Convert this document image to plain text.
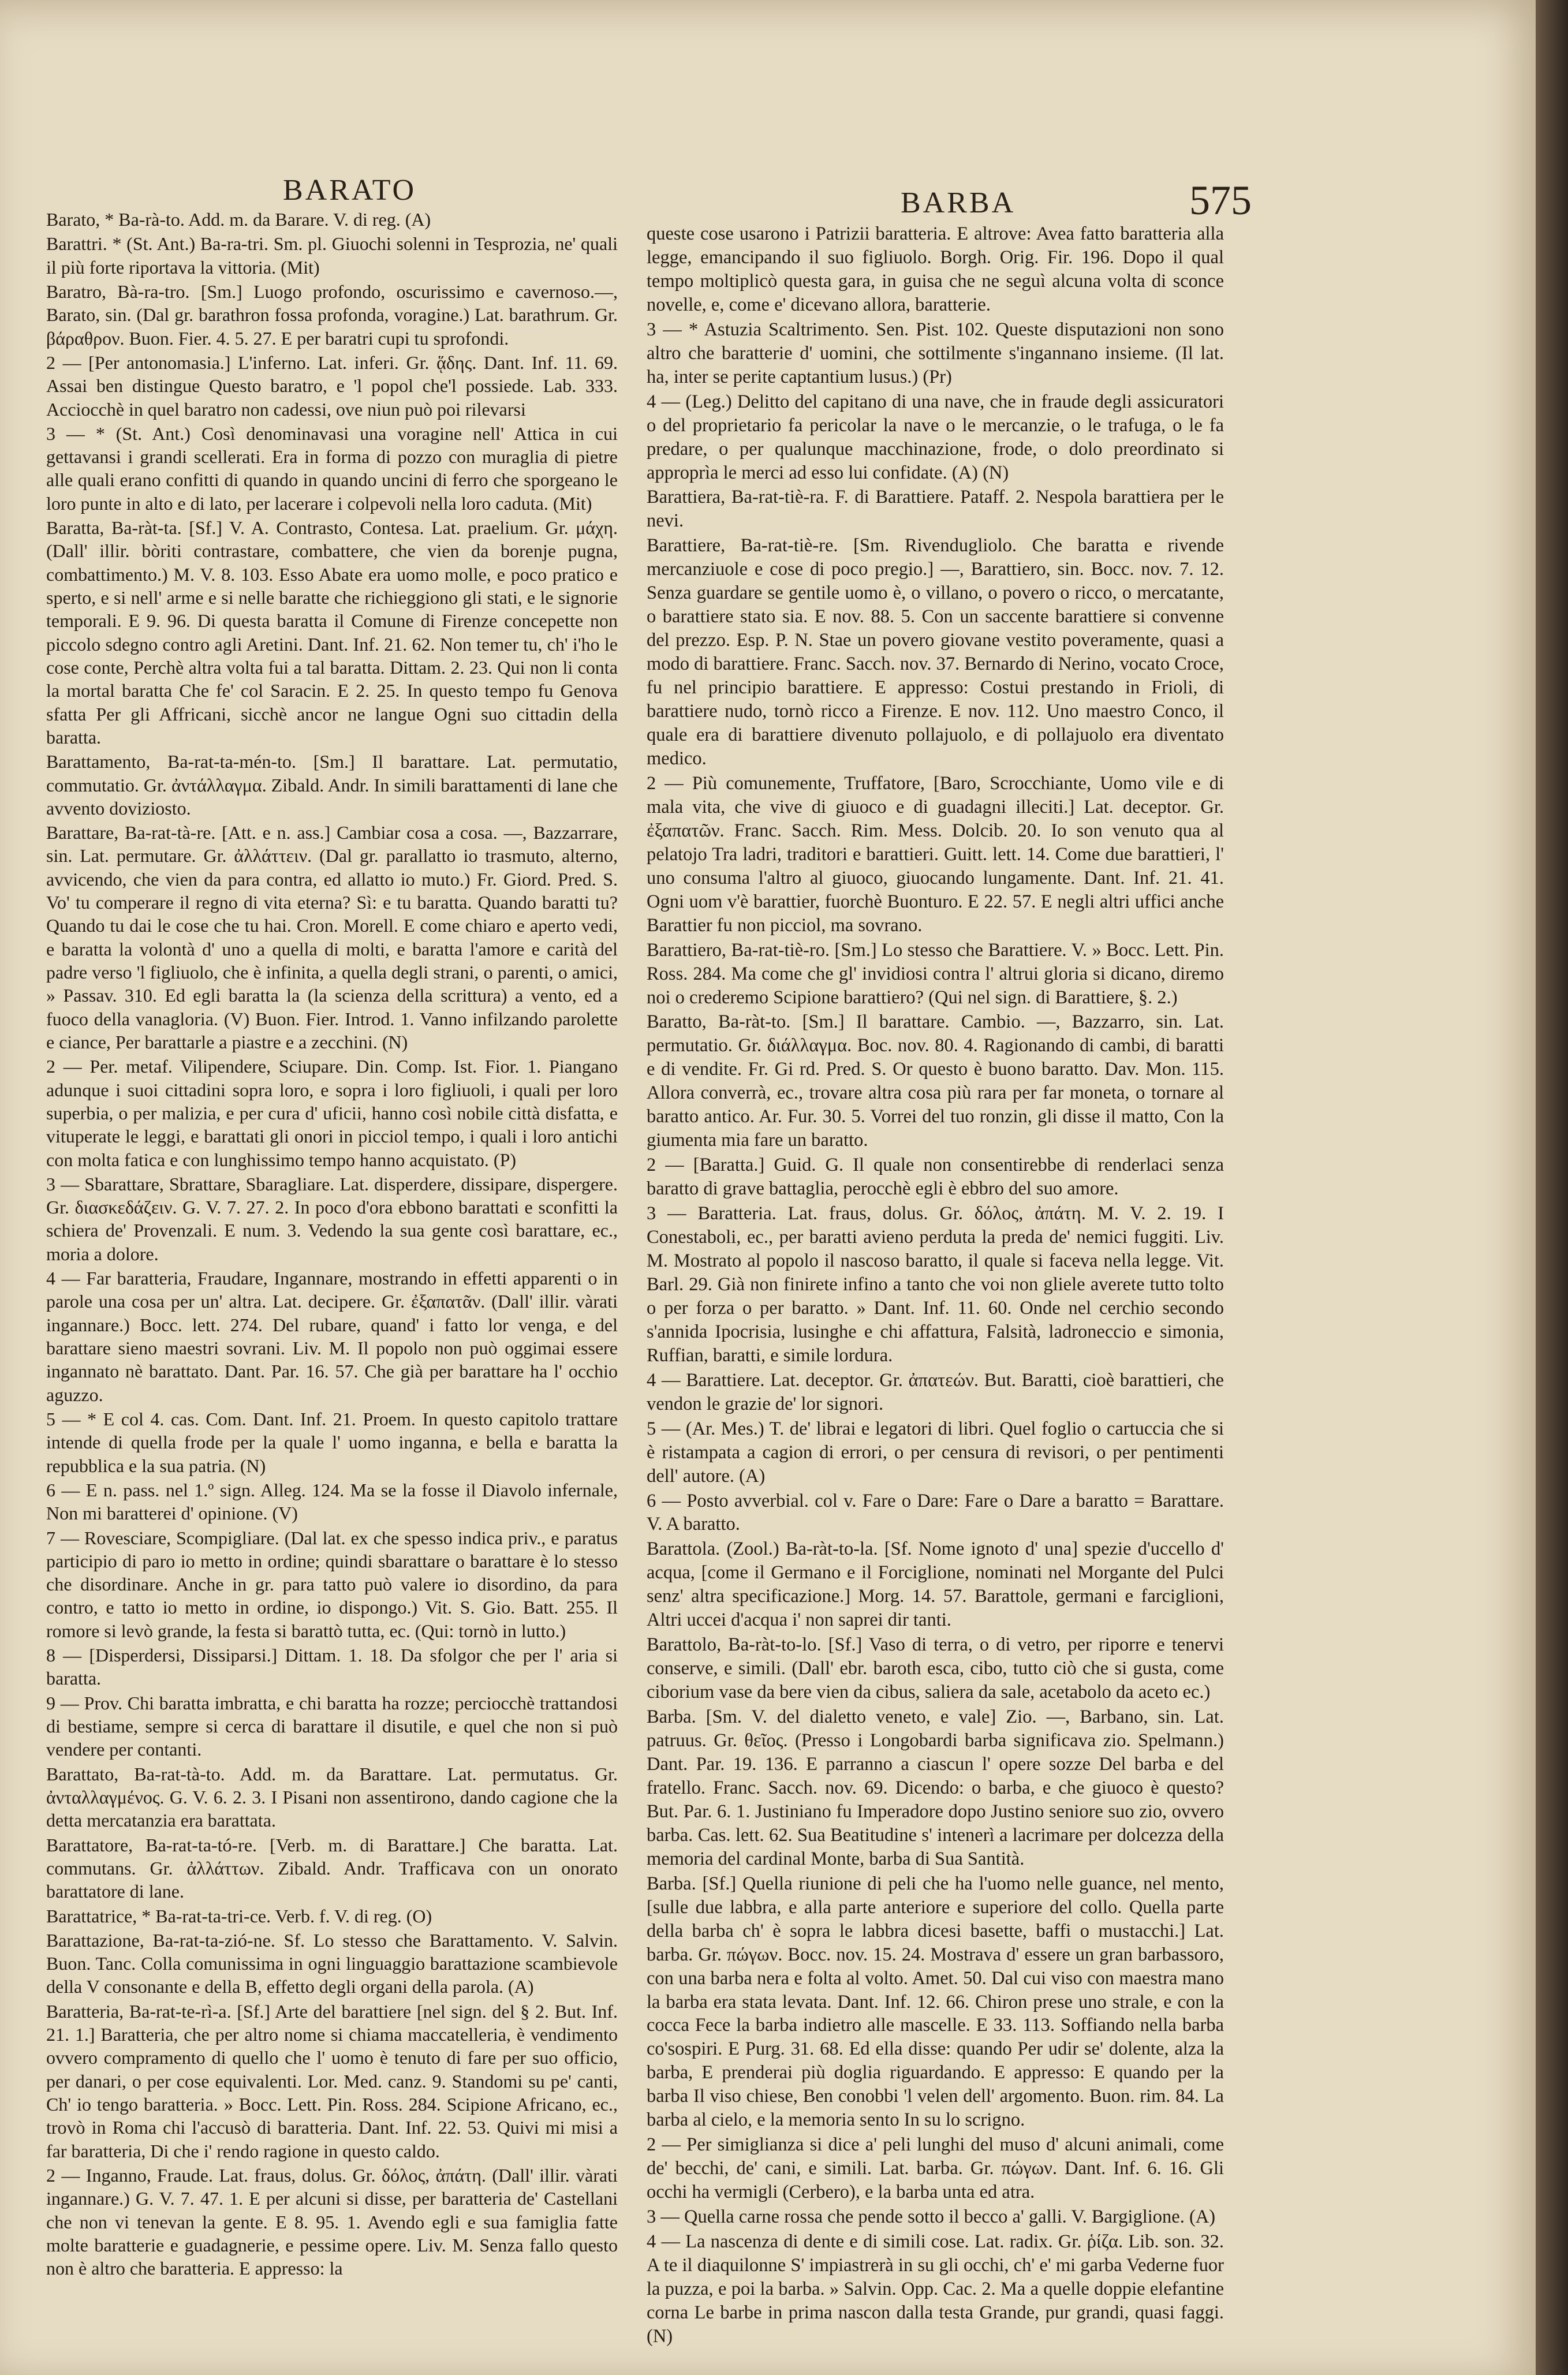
BARATO	BARBA	575

Barato, * Ba-rà-to. Add. m. da Barare. V. di reg. (A)

Barattri. * (St. Ant.) Ba-ra-tri. Sm. pl. Giuochi solenni in Tesprozia, ne' quali il più forte riportava la vittoria. (Mit)

Baratro, Bà-ra-tro. [Sm.] Luogo profondo, oscurissimo e cavernoso.—, Barato, sin. (Dal gr. barathron fossa profonda, voragine.) Lat. barathrum. Gr. βάραθρον. Buon. Fier. 4. 5. 27. E per baratri cupi tu sprofondi.

2 — [Per antonomasia.] L'inferno. Lat. inferi. Gr. ᾅδης. Dant. Inf. 11. 69. Assai ben distingue Questo baratro, e 'l popol che'l possiede. Lab. 333. Acciocchè in quel baratro non cadessi, ove niun può poi rilevarsi

3 — * (St. Ant.) Così denominavasi una voragine nell' Attica in cui gettavansi i grandi scellerati. Era in forma di pozzo con muraglia di pietre alle quali erano confitti di quando in quando uncini di ferro che sporgeano le loro punte in alto e di lato, per lacerare i colpevoli nella loro caduta. (Mit)

Baratta, Ba-ràt-ta. [Sf.] V. A. Contrasto, Contesa. Lat. praelium. Gr. μάχη. (Dall' illir. bòriti contrastare, combattere, che vien da borenje pugna, combattimento.) M. V. 8. 103. Esso Abate era uomo molle, e poco pratico e sperto, e si nell' arme e si nelle baratte che richieggiono gli stati, e le signorie temporali. E 9. 96. Di questa baratta il Comune di Firenze concepette non piccolo sdegno contro agli Aretini. Dant. Inf. 21. 62. Non temer tu, ch' i'ho le cose conte, Perchè altra volta fui a tal baratta. Dittam. 2. 23. Qui non li conta la mortal baratta Che fe' col Saracin. E 2. 25. In questo tempo fu Genova sfatta Per gli Affricani, sicchè ancor ne langue Ogni suo cittadin della baratta.

Barattamento, Ba-rat-ta-mén-to. [Sm.] Il barattare. Lat. permutatio, commutatio. Gr. ἀντάλλαγμα. Zibald. Andr. In simili barattamenti di lane che avvento doviziosto.

Barattare, Ba-rat-tà-re. [Att. e n. ass.] Cambiar cosa a cosa. —, Bazzarrare, sin. Lat. permutare. Gr. ἀλλάττειν. (Dal gr. parallatto io trasmuto, alterno, avvicendo, che vien da para contra, ed allatto io muto.) Fr. Giord. Pred. S. Vo' tu comperare il regno di vita eterna? Sì: e tu baratta. Quando baratti tu? Quando tu dai le cose che tu hai. Cron. Morell. E come chiaro e aperto vedi, e baratta la volontà d' uno a quella di molti, e baratta l'amore e carità del padre verso 'l figliuolo, che è infinita, a quella degli strani, o parenti, o amici, » Passav. 310. Ed egli baratta la (la scienza della scrittura) a vento, ed a fuoco della vanagloria. (V) Buon. Fier. Introd. 1. Vanno infilzando parolette e ciance, Per barattarle a piastre e a zecchini. (N)

2 — Per. metaf. Vilipendere, Sciupare. Din. Comp. Ist. Fior. 1. Piangano adunque i suoi cittadini sopra loro, e sopra i loro figliuoli, i quali per loro superbia, o per malizia, e per cura d' uficii, hanno così nobile città disfatta, e vituperate le leggi, e barattati gli onori in picciol tempo, i quali i loro antichi con molta fatica e con lunghissimo tempo hanno acquistato. (P)

3 — Sbarattare, Sbrattare, Sbaragliare. Lat. disperdere, dissipare, dispergere. Gr. διασκεδάζειν. G. V. 7. 27. 2. In poco d'ora ebbono barattati e sconfitti la schiera de' Provenzali. E num. 3. Vedendo la sua gente così barattare, ec., moria a dolore.

4 — Far baratteria, Fraudare, Ingannare, mostrando in effetti apparenti o in parole una cosa per un' altra. Lat. decipere. Gr. ἐξαπατᾶν. (Dall' illir. vàrati ingannare.) Bocc. lett. 274. Del rubare, quand' i fatto lor venga, e del barattare sieno maestri sovrani. Liv. M. Il popolo non può oggimai essere ingannato nè barattato. Dant. Par. 16. 57. Che già per barattare ha l' occhio aguzzo.

5 — * E col 4. cas. Com. Dant. Inf. 21. Proem. In questo capitolo trattare intende di quella frode per la quale l' uomo inganna, e bella e baratta la repubblica e la sua patria. (N)

6 — E n. pass. nel 1.º sign. Alleg. 124. Ma se la fosse il Diavolo infernale, Non mi baratterei d' opinione. (V)

7 — Rovesciare, Scompigliare. (Dal lat. ex che spesso indica priv., e paratus participio di paro io metto in ordine; quindi sbarattare o barattare è lo stesso che disordinare. Anche in gr. para tatto può valere io disordino, da para contro, e tatto io metto in ordine, io dispongo.) Vit. S. Gio. Batt. 255. Il romore si levò grande, la festa si barattò tutta, ec. (Qui: tornò in lutto.)

8 — [Disperdersi, Dissiparsi.] Dittam. 1. 18. Da sfolgor che per l' aria si baratta.

9 — Prov. Chi baratta imbratta, e chi baratta ha rozze; perciocchè trattandosi di bestiame, sempre si cerca di barattare il disutile, e quel che non si può vendere per contanti.

Barattato, Ba-rat-tà-to. Add. m. da Barattare. Lat. permutatus. Gr. ἀνταλλαγμένος. G. V. 6. 2. 3. I Pisani non assentirono, dando cagione che la detta mercatanzia era barattata.

Barattatore, Ba-rat-ta-tó-re. [Verb. m. di Barattare.] Che baratta. Lat. commutans. Gr. ἀλλάττων. Zibald. Andr. Trafficava con un onorato barattatore di lane.

Barattatrice, * Ba-rat-ta-tri-ce. Verb. f. V. di reg. (O)

Barattazione, Ba-rat-ta-zió-ne. Sf. Lo stesso che Barattamento. V. Salvin. Buon. Tanc. Colla comunissima in ogni linguaggio barattazione scambievole della V consonante e della B, effetto degli organi della parola. (A)

Baratteria, Ba-rat-te-rì-a. [Sf.] Arte del barattiere [nel sign. del § 2. But. Inf. 21. 1.] Baratteria, che per altro nome si chiama maccatelleria, è vendimento ovvero compramento di quello che l' uomo è tenuto di fare per suo officio, per danari, o per cose equivalenti. Lor. Med. canz. 9. Standomi su pe' canti, Ch' io tengo baratteria. » Bocc. Lett. Pin. Ross. 284. Scipione Africano, ec., trovò in Roma chi l'accusò di baratteria. Dant. Inf. 22. 53. Quivi mi misi a far baratteria, Di che i' rendo ragione in questo caldo.

2 — Inganno, Fraude. Lat. fraus, dolus. Gr. δόλος, ἀπάτη. (Dall' illir. vàrati ingannare.) G. V. 7. 47. 1. E per alcuni si disse, per baratteria de' Castellani che non vi tenevan la gente. E 8. 95. 1. Avendo egli e sua famiglia fatte molte baratterie e guadagnerie, e pessime opere. Liv. M. Senza fallo questo non è altro che baratteria. E appresso: la

queste cose usarono i Patrizii baratteria. E altrove: Avea fatto baratteria alla legge, emancipando il suo figliuolo. Borgh. Orig. Fir. 196. Dopo il qual tempo moltiplicò questa gara, in guisa che ne seguì alcuna volta di sconce novelle, e, come e' dicevano allora, baratterie.

3 — * Astuzia Scaltrimento. Sen. Pist. 102. Queste disputazioni non sono altro che baratterie d' uomini, che sottilmente s'ingannano insieme. (Il lat. ha, inter se perite captantium lusus.) (Pr)

4 — (Leg.) Delitto del capitano di una nave, che in fraude degli assicuratori o del proprietario fa pericolar la nave o le mercanzie, o le trafuga, o le fa predare, o per qualunque macchinazione, frode, o dolo preordinato si approprìa le merci ad esso lui confidate. (A) (N)

Barattiera, Ba-rat-tiè-ra. F. di Barattiere. Pataff. 2. Nespola barattiera per le nevi.

Barattiere, Ba-rat-tiè-re. [Sm. Rivendugliolo. Che baratta e rivende mercanziuole e cose di poco pregio.] —, Barattiero, sin. Bocc. nov. 7. 12. Senza guardare se gentile uomo è, o villano, o povero o ricco, o mercatante, o barattiere stato sia. E nov. 88. 5. Con un saccente barattiere si convenne del prezzo. Esp. P. N. Stae un povero giovane vestito poveramente, quasi a modo di barattiere. Franc. Sacch. nov. 37. Bernardo di Nerino, vocato Croce, fu nel principio barattiere. E appresso: Costui prestando in Frioli, di barattiere nudo, tornò ricco a Firenze. E nov. 112. Uno maestro Conco, il quale era di barattiere divenuto pollajuolo, e di pollajuolo era diventato medico.

2 — Più comunemente, Truffatore, [Baro, Scrocchiante, Uomo vile e di mala vita, che vive di giuoco e di guadagni illeciti.] Lat. deceptor. Gr. ἐξαπατῶν. Franc. Sacch. Rim. Mess. Dolcib. 20. Io son venuto qua al pelatojo Tra ladri, traditori e barattieri. Guitt. lett. 14. Come due barattieri, l' uno consuma l'altro al giuoco, giuocando lungamente. Dant. Inf. 21. 41. Ogni uom v'è barattier, fuorchè Buonturo. E 22. 57. E negli altri uffici anche Barattier fu non picciol, ma sovrano.

Barattiero, Ba-rat-tiè-ro. [Sm.] Lo stesso che Barattiere. V. » Bocc. Lett. Pin. Ross. 284. Ma come che gl' invidiosi contra l' altrui gloria si dicano, diremo noi o crederemo Scipione barattiero? (Qui nel sign. di Barattiere, §. 2.)

Baratto, Ba-ràt-to. [Sm.] Il barattare. Cambio. —, Bazzarro, sin. Lat. permutatio. Gr. διάλλαγμα. Boc. nov. 80. 4. Ragionando di cambi, di baratti e di vendite. Fr. Gi rd. Pred. S. Or questo è buono baratto. Dav. Mon. 115. Allora converrà, ec., trovare altra cosa più rara per far moneta, o tornare al baratto antico. Ar. Fur. 30. 5. Vorrei del tuo ronzin, gli disse il matto, Con la giumenta mia fare un baratto.

2 — [Baratta.] Guid. G. Il quale non consentirebbe di renderlaci senza baratto di grave battaglia, perocchè egli è ebbro del suo amore.

3 — Baratteria. Lat. fraus, dolus. Gr. δόλος, ἀπάτη. M. V. 2. 19. I Conestaboli, ec., per baratti avieno perduta la preda de' nemici fuggiti. Liv. M. Mostrato al popolo il nascoso baratto, il quale si faceva nella legge. Vit. Barl. 29. Già non finirete infino a tanto che voi non gliele averete tutto tolto o per forza o per baratto. » Dant. Inf. 11. 60. Onde nel cerchio secondo s'annida Ipocrisia, lusinghe e chi affattura, Falsità, ladroneccio e simonia, Ruffian, baratti, e simile lordura.

4 — Barattiere. Lat. deceptor. Gr. ἀπατεών. But. Baratti, cioè barattieri, che vendon le grazie de' lor signori.

5 — (Ar. Mes.) T. de' librai e legatori di libri. Quel foglio o cartuccia che si è ristampata a cagion di errori, o per censura di revisori, o per pentimenti dell' autore. (A)

6 — Posto avverbial. col v. Fare o Dare: Fare o Dare a baratto = Barattare. V. A baratto.

Barattola. (Zool.) Ba-ràt-to-la. [Sf. Nome ignoto d' una] spezie d'uccello d' acqua, [come il Germano e il Forciglione, nominati nel Morgante del Pulci senz' altra specificazione.] Morg. 14. 57. Barattole, germani e farciglioni, Altri uccei d'acqua i' non saprei dir tanti.

Barattolo, Ba-ràt-to-lo. [Sf.] Vaso di terra, o di vetro, per riporre e tenervi conserve, e simili. (Dall' ebr. baroth esca, cibo, tutto ciò che si gusta, come ciborium vase da bere vien da cibus, saliera da sale, acetabolo da aceto ec.)

Barba. [Sm. V. del dialetto veneto, e vale] Zio. —, Barbano, sin. Lat. patruus. Gr. θεῖος. (Presso i Longobardi barba significava zio. Spelmann.) Dant. Par. 19. 136. E parranno a ciascun l' opere sozze Del barba e del fratello. Franc. Sacch. nov. 69. Dicendo: o barba, e che giuoco è questo? But. Par. 6. 1. Justiniano fu Imperadore dopo Justino seniore suo zio, ovvero barba. Cas. lett. 62. Sua Beatitudine s' intenerì a lacrimare per dolcezza della memoria del cardinal Monte, barba di Sua Santità.

Barba. [Sf.] Quella riunione di peli che ha l'uomo nelle guance, nel mento, [sulle due labbra, e alla parte anteriore e superiore del collo. Quella parte della barba ch' è sopra le labbra dicesi basette, baffi o mustacchi.] Lat. barba. Gr. πώγων. Bocc. nov. 15. 24. Mostrava d' essere un gran barbassoro, con una barba nera e folta al volto. Amet. 50. Dal cui viso con maestra mano la barba era stata levata. Dant. Inf. 12. 66. Chiron prese uno strale, e con la cocca Fece la barba indietro alle mascelle. E 33. 113. Soffiando nella barba co'sospiri. E Purg. 31. 68. Ed ella disse: quando Per udir se' dolente, alza la barba, E prenderai più doglia riguardando. E appresso: E quando per la barba Il viso chiese, Ben conobbi 'l velen dell' argomento. Buon. rim. 84. La barba al cielo, e la memoria sento In su lo scrigno.

2 — Per simiglianza si dice a' peli lunghi del muso d' alcuni animali, come de' becchi, de' cani, e simili. Lat. barba. Gr. πώγων. Dant. Inf. 6. 16. Gli occhi ha vermigli (Cerbero), e la barba unta ed atra.

3 — Quella carne rossa che pende sotto il becco a' galli. V. Bargiglione. (A)

4 — La nascenza di dente e di simili cose. Lat. radix. Gr. ῥίζα. Lib. son. 32. A te il diaquilonne S' impiastrerà in su gli occhi, ch' e' mi garba Vederne fuor la puzza, e poi la barba. » Salvin. Opp. Cac. 2. Ma a quelle doppie elefantine corna Le barbe in prima nascon dalla testa Grande, pur grandi, quasi faggi. (N)
